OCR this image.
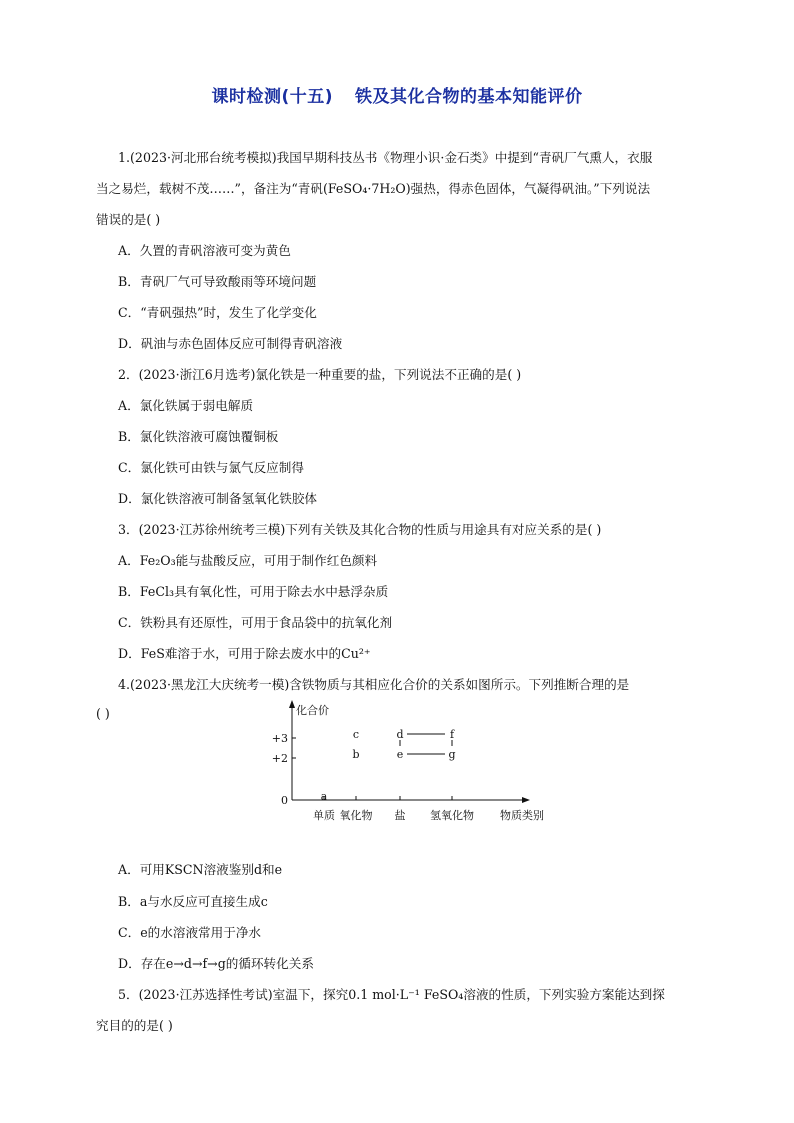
课时检测(十五) 铁及其化合物的基本知能评价
1.(2023·河北邢台统考模拟)我国早期科技丛书《物理小识·金石类》中提到“青矾厂气熏人，衣服
当之易烂，载树不茂……”，备注为“青矾(FeSO₄·7H₂O)强热，得赤色固体，气凝得矾油。”下列说法
错误的是( )
A．久置的青矾溶液可变为黄色
B．青矾厂气可导致酸雨等环境问题
C．“青矾强热”时，发生了化学变化
D．矾油与赤色固体反应可制得青矾溶液
2．(2023·浙江6月选考)氯化铁是一种重要的盐，下列说法不正确的是( )
A．氯化铁属于弱电解质
B．氯化铁溶液可腐蚀覆铜板
C．氯化铁可由铁与氯气反应制得
D．氯化铁溶液可制备氢氧化铁胶体
3．(2023·江苏徐州统考三模)下列有关铁及其化合物的性质与用途具有对应关系的是( )
A．Fe₂O₃能与盐酸反应，可用于制作红色颜料
B．FeCl₃具有氧化性，可用于除去水中悬浮杂质
C．铁粉具有还原性，可用于食品袋中的抗氧化剂
D．FeS难溶于水，可用于除去废水中的Cu²⁺
4.(2023·黑龙江大庆统考一模)含铁物质与其相应化合价的关系如图所示。下列推断合理的是
( )	化合价
0
+2
+3
单质 氧化物 盐 氢氧化物 物质类别
a
b
c	d
e
f
g
A．可用KSCN溶液鉴别d和e
B．a与水反应可直接生成c
C．e的水溶液常用于净水
D．存在e→d→f→g的循环转化关系
5．(2023·江苏选择性考试)室温下，探究0.1 mol·L⁻¹ FeSO₄溶液的性质，下列实验方案能达到探
究目的的是( )
